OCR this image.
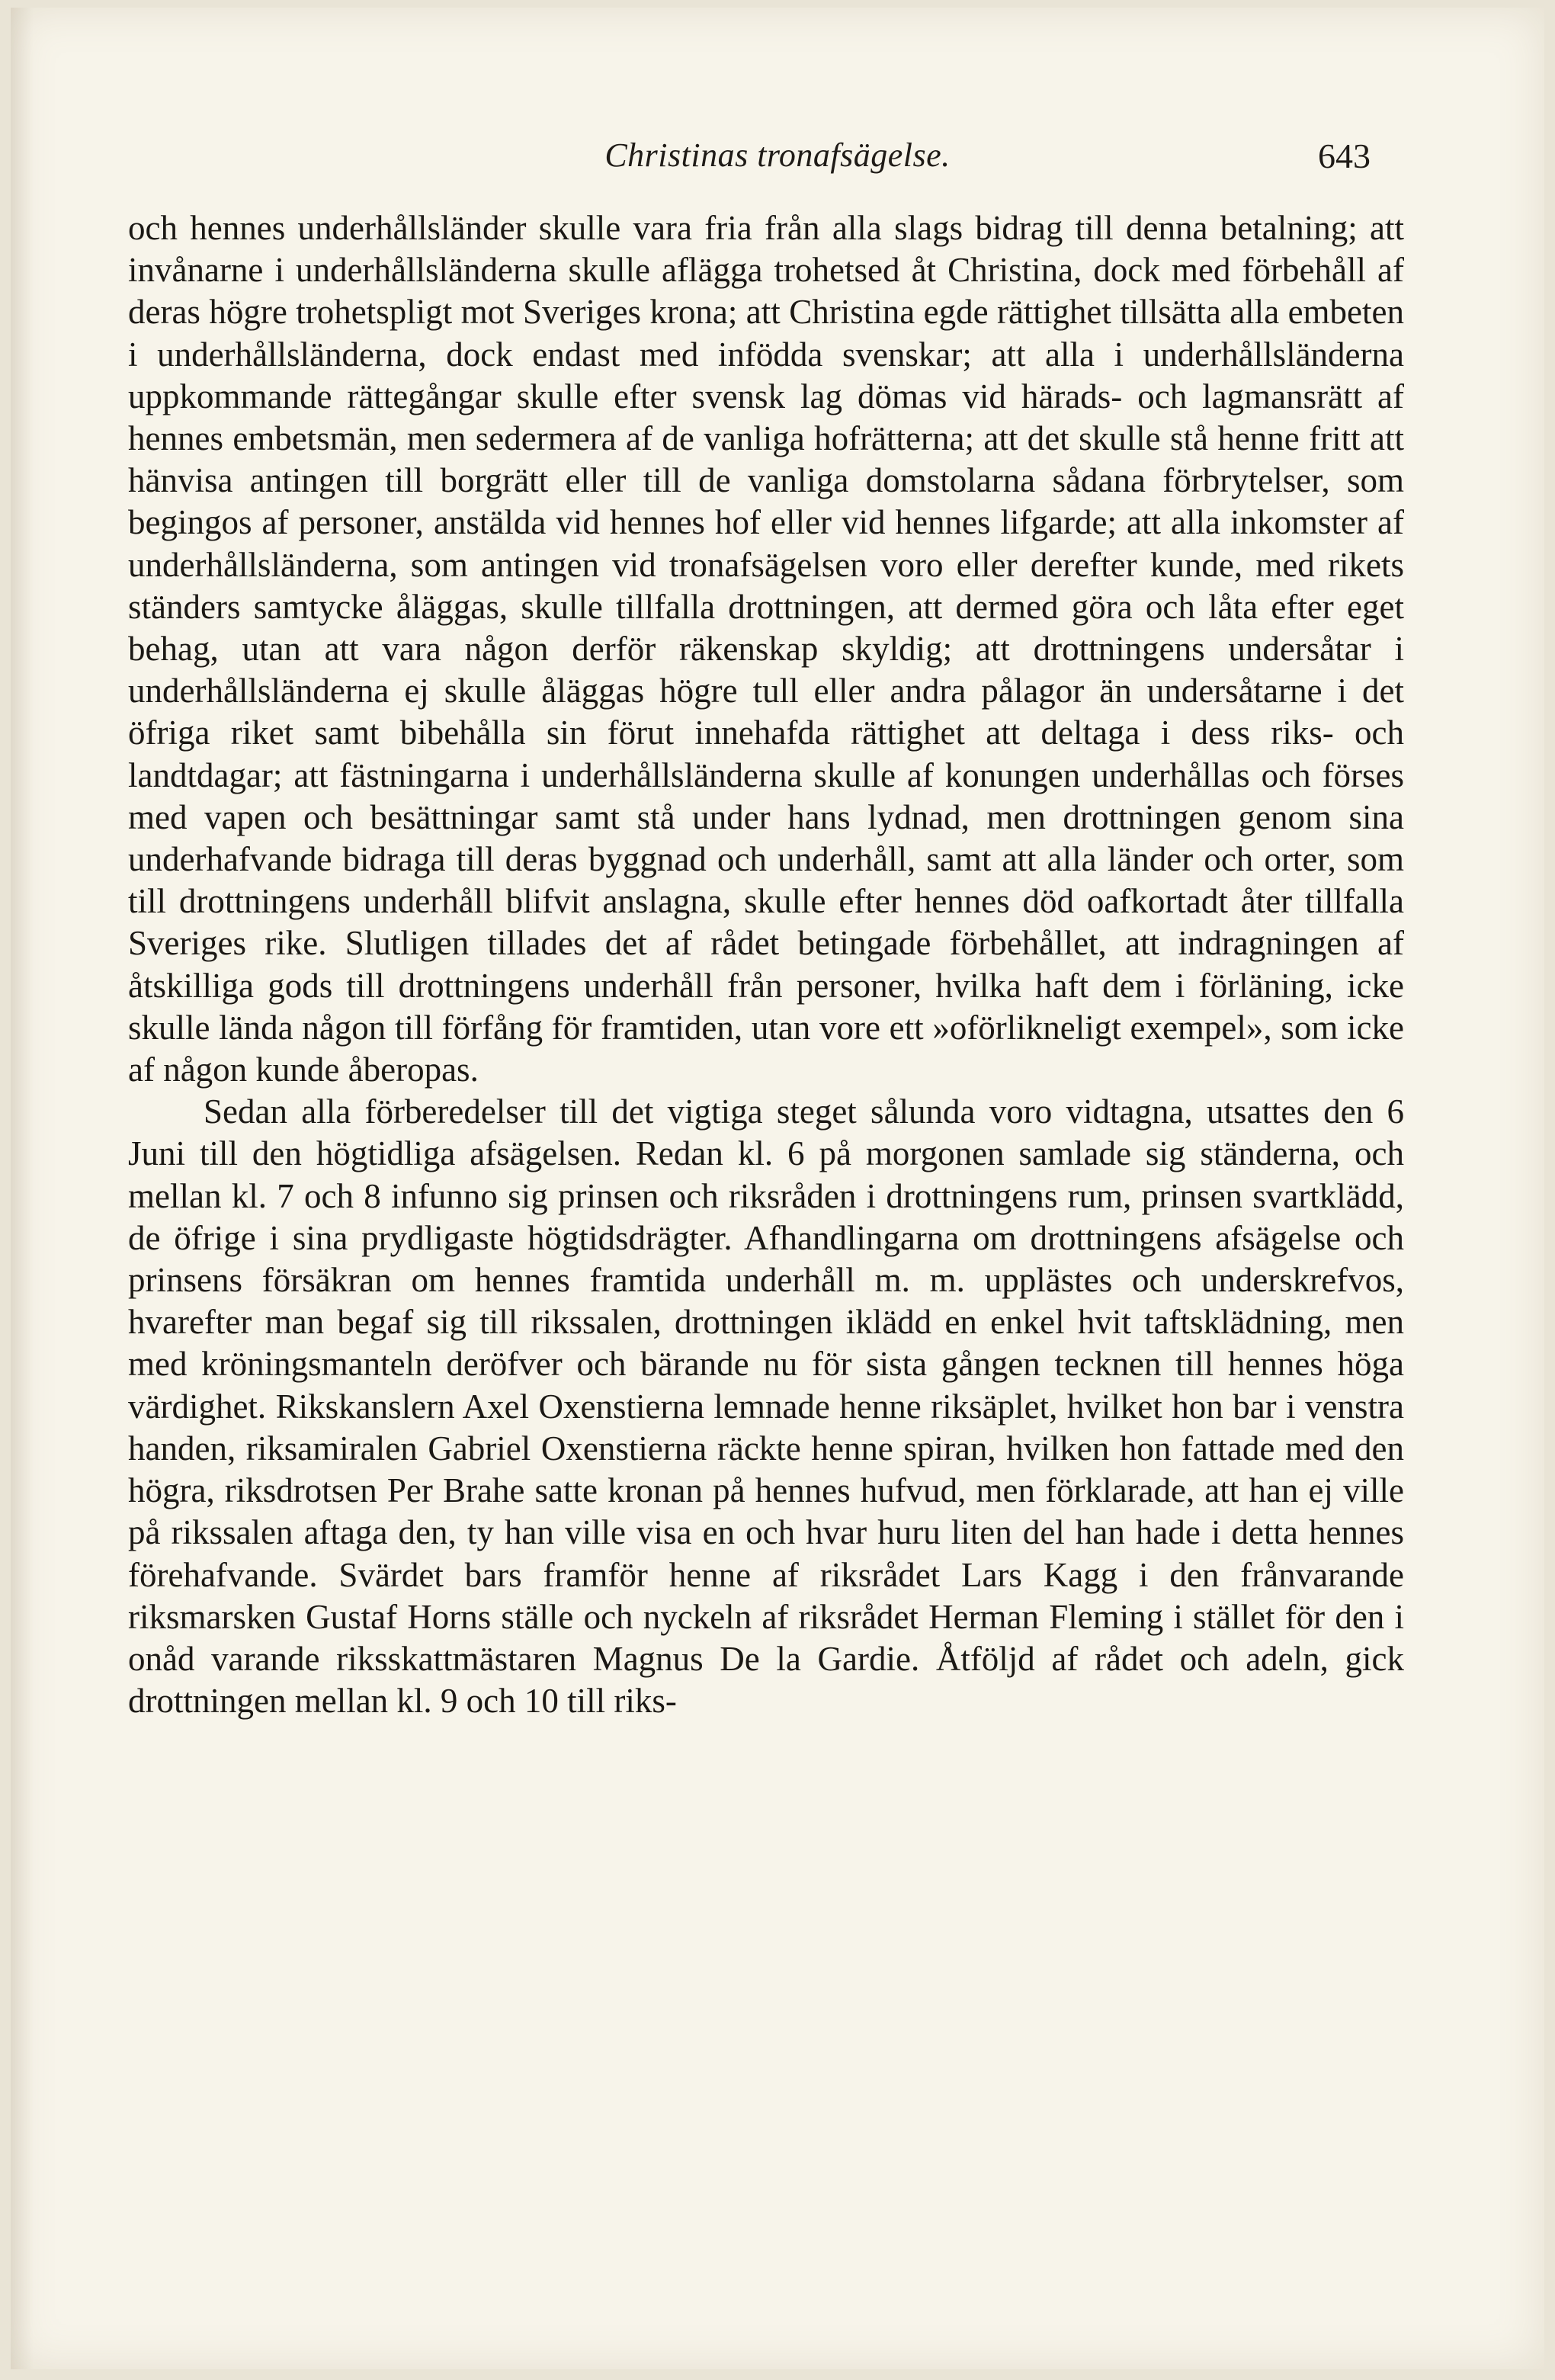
Christinas tronafsägelse.	643

och hennes underhållsländer skulle vara fria från alla slags bidrag till denna betalning; att invånarne i underhållsländerna skulle aflägga trohetsed åt Christina, dock med förbehåll af deras högre trohetspligt mot Sveriges krona; att Christina egde rättighet tillsätta alla embeten i underhållsländerna, dock endast med infödda svenskar; att alla i underhållsländerna uppkommande rättegångar skulle efter svensk lag dömas vid härads- och lagmansrätt af hennes embetsmän, men sedermera af de vanliga hofrätterna; att det skulle stå henne fritt att hänvisa antingen till borgrätt eller till de vanliga domstolarna sådana förbrytelser, som begingos af personer, anstälda vid hennes hof eller vid hennes lifgarde; att alla inkomster af underhållsländerna, som antingen vid tronafsägelsen voro eller derefter kunde, med rikets ständers samtycke åläggas, skulle tillfalla drottningen, att dermed göra och låta efter eget behag, utan att vara någon derför räkenskap skyldig; att drottningens undersåtar i underhållsländerna ej skulle åläggas högre tull eller andra pålagor än undersåtarne i det öfriga riket samt bibehålla sin förut innehafda rättighet att deltaga i dess riks- och landtdagar; att fästningarna i underhållsländerna skulle af konungen underhållas och förses med vapen och besättningar samt stå under hans lydnad, men drottningen genom sina underhafvande bidraga till deras byggnad och underhåll, samt att alla länder och orter, som till drottningens underhåll blifvit anslagna, skulle efter hennes död oafkortadt åter tillfalla Sveriges rike. Slutligen tillades det af rådet betingade förbehållet, att indragningen af åtskilliga gods till drottningens underhåll från personer, hvilka haft dem i förläning, icke skulle lända någon till förfång för framtiden, utan vore ett »oförlikneligt exempel», som icke af någon kunde åberopas.

Sedan alla förberedelser till det vigtiga steget sålunda voro vidtagna, utsattes den 6 Juni till den högtidliga afsägelsen. Redan kl. 6 på morgonen samlade sig ständerna, och mellan kl. 7 och 8 infunno sig prinsen och riksråden i drottningens rum, prinsen svartklädd, de öfrige i sina prydligaste högtidsdrägter. Afhandlingarna om drottningens afsägelse och prinsens försäkran om hennes framtida underhåll m. m. upplästes och underskrefvos, hvarefter man begaf sig till rikssalen, drottningen iklädd en enkel hvit taftsklädning, men med kröningsmanteln deröfver och bärande nu för sista gången tecknen till hennes höga värdighet. Rikskanslern Axel Oxenstierna lemnade henne riksäplet, hvilket hon bar i venstra handen, riksamiralen Gabriel Oxenstierna räckte henne spiran, hvilken hon fattade med den högra, riksdrotsen Per Brahe satte kronan på hennes hufvud, men förklarade, att han ej ville på rikssalen aftaga den, ty han ville visa en och hvar huru liten del han hade i detta hennes förehafvande. Svärdet bars framför henne af riksrådet Lars Kagg i den frånvarande riksmarsken Gustaf Horns ställe och nyckeln af riksrådet Herman Fleming i stället för den i onåd varande riksskattmästaren Magnus De la Gardie. Åtföljd af rådet och adeln, gick drottningen mellan kl. 9 och 10 till riks-
